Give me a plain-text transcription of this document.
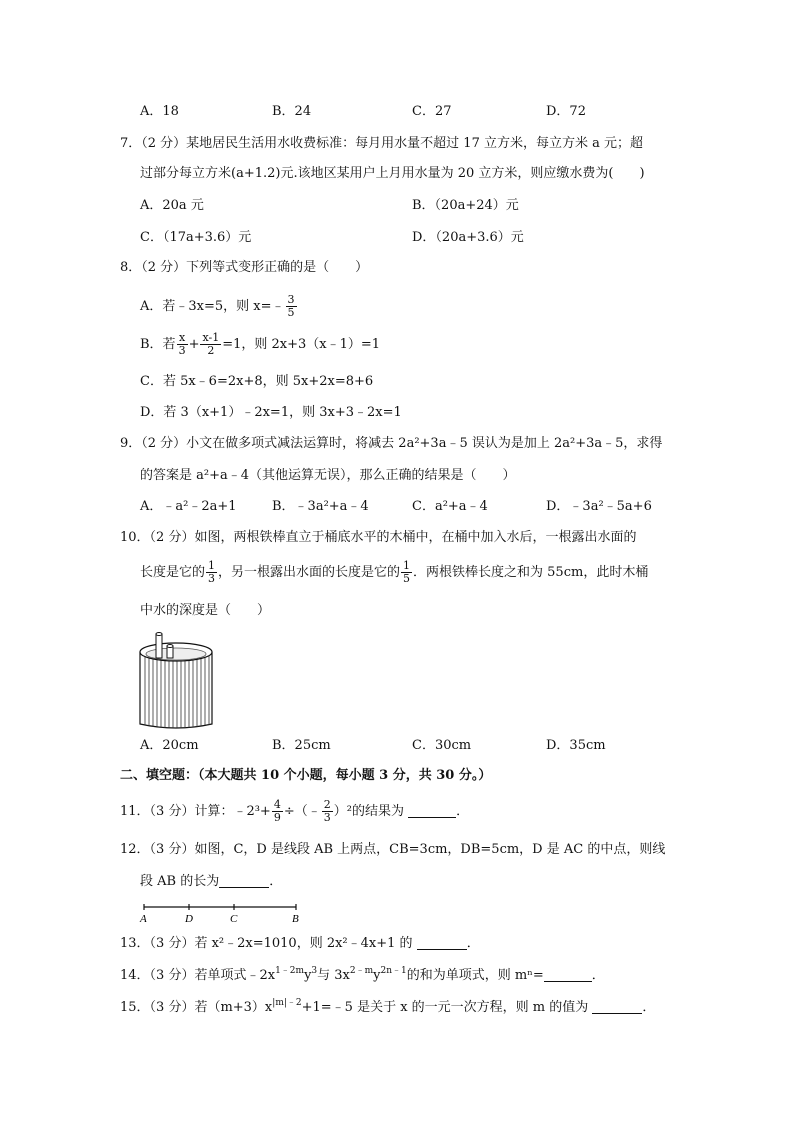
A．18	B．24	C．27	D．72
7．（2 分）某地居民生活用水收费标准：每月用水量不超过 17 立方米，每立方米 a 元；超
过部分每立方米(a+1.2)元.该地区某用户上月用水量为 20 立方米，则应缴水费为(　　)
A．20a 元	B．（20a+24）元
C．（17a+3.6）元	D．（20a+3.6）元
8．（2 分）下列等式变形正确的是（　　）
A．若﹣3x=5，则 x=﹣ $\frac{3}{5}$
B．若 $\frac{x}{3} + \frac{x-1}{2} =1$，则 2x+3（x﹣1）=1
C．若 5x﹣6=2x+8，则 5x+2x=8+6
D．若 3（x+1）﹣2x=1，则 3x+3﹣2x=1
9．（2 分）小文在做多项式减法运算时，将减去 2a²+3a﹣5 误认为是加上 2a²+3a﹣5，求得
的答案是 a²+a﹣4（其他运算无误），那么正确的结果是（　　）
A．﹣a²﹣2a+1	B．﹣3a²+a﹣4	C．a²+a﹣4	D．﹣3a²﹣5a+6
10．（2 分）如图，两根铁棒直立于桶底水平的木桶中，在桶中加入水后，一根露出水面的
长度是它的 $\frac{1}{3}$ ，另一根露出水面的长度是它的 $\frac{1}{5}$ ．两根铁棒长度之和为 55cm，此时木桶
中水的深度是（　　）
A．20cm	B．25cm	C．30cm	D．35cm
二、填空题：（本大题共 10 个小题，每小题 3 分，共 30 分。）
11．（3 分）计算：﹣2³+ $\frac{4}{9}$ ÷（﹣ $\frac{2}{3} )^2$的结果为	．
12．（3 分）如图，C，D 是线段 AB 上两点，CB=3cm，DB=5cm，D 是 AC 的中点，则线
段 AB 的长为	．
A	D	C	B
13．（3 分）若 x²﹣2x=1010，则 2x²﹣4x+1 的	．
14．（3 分）若单项式$﹣2x^{1﹣2m}y^3$与 $3x^{2﹣m}y^{2n﹣1}$的和为单项式，则 mⁿ=	．
15．（3 分）若$(m+3)x^{|m|﹣2}+1=﹣5$ 是关于 x 的一元一次方程，则 m 的值为	．
